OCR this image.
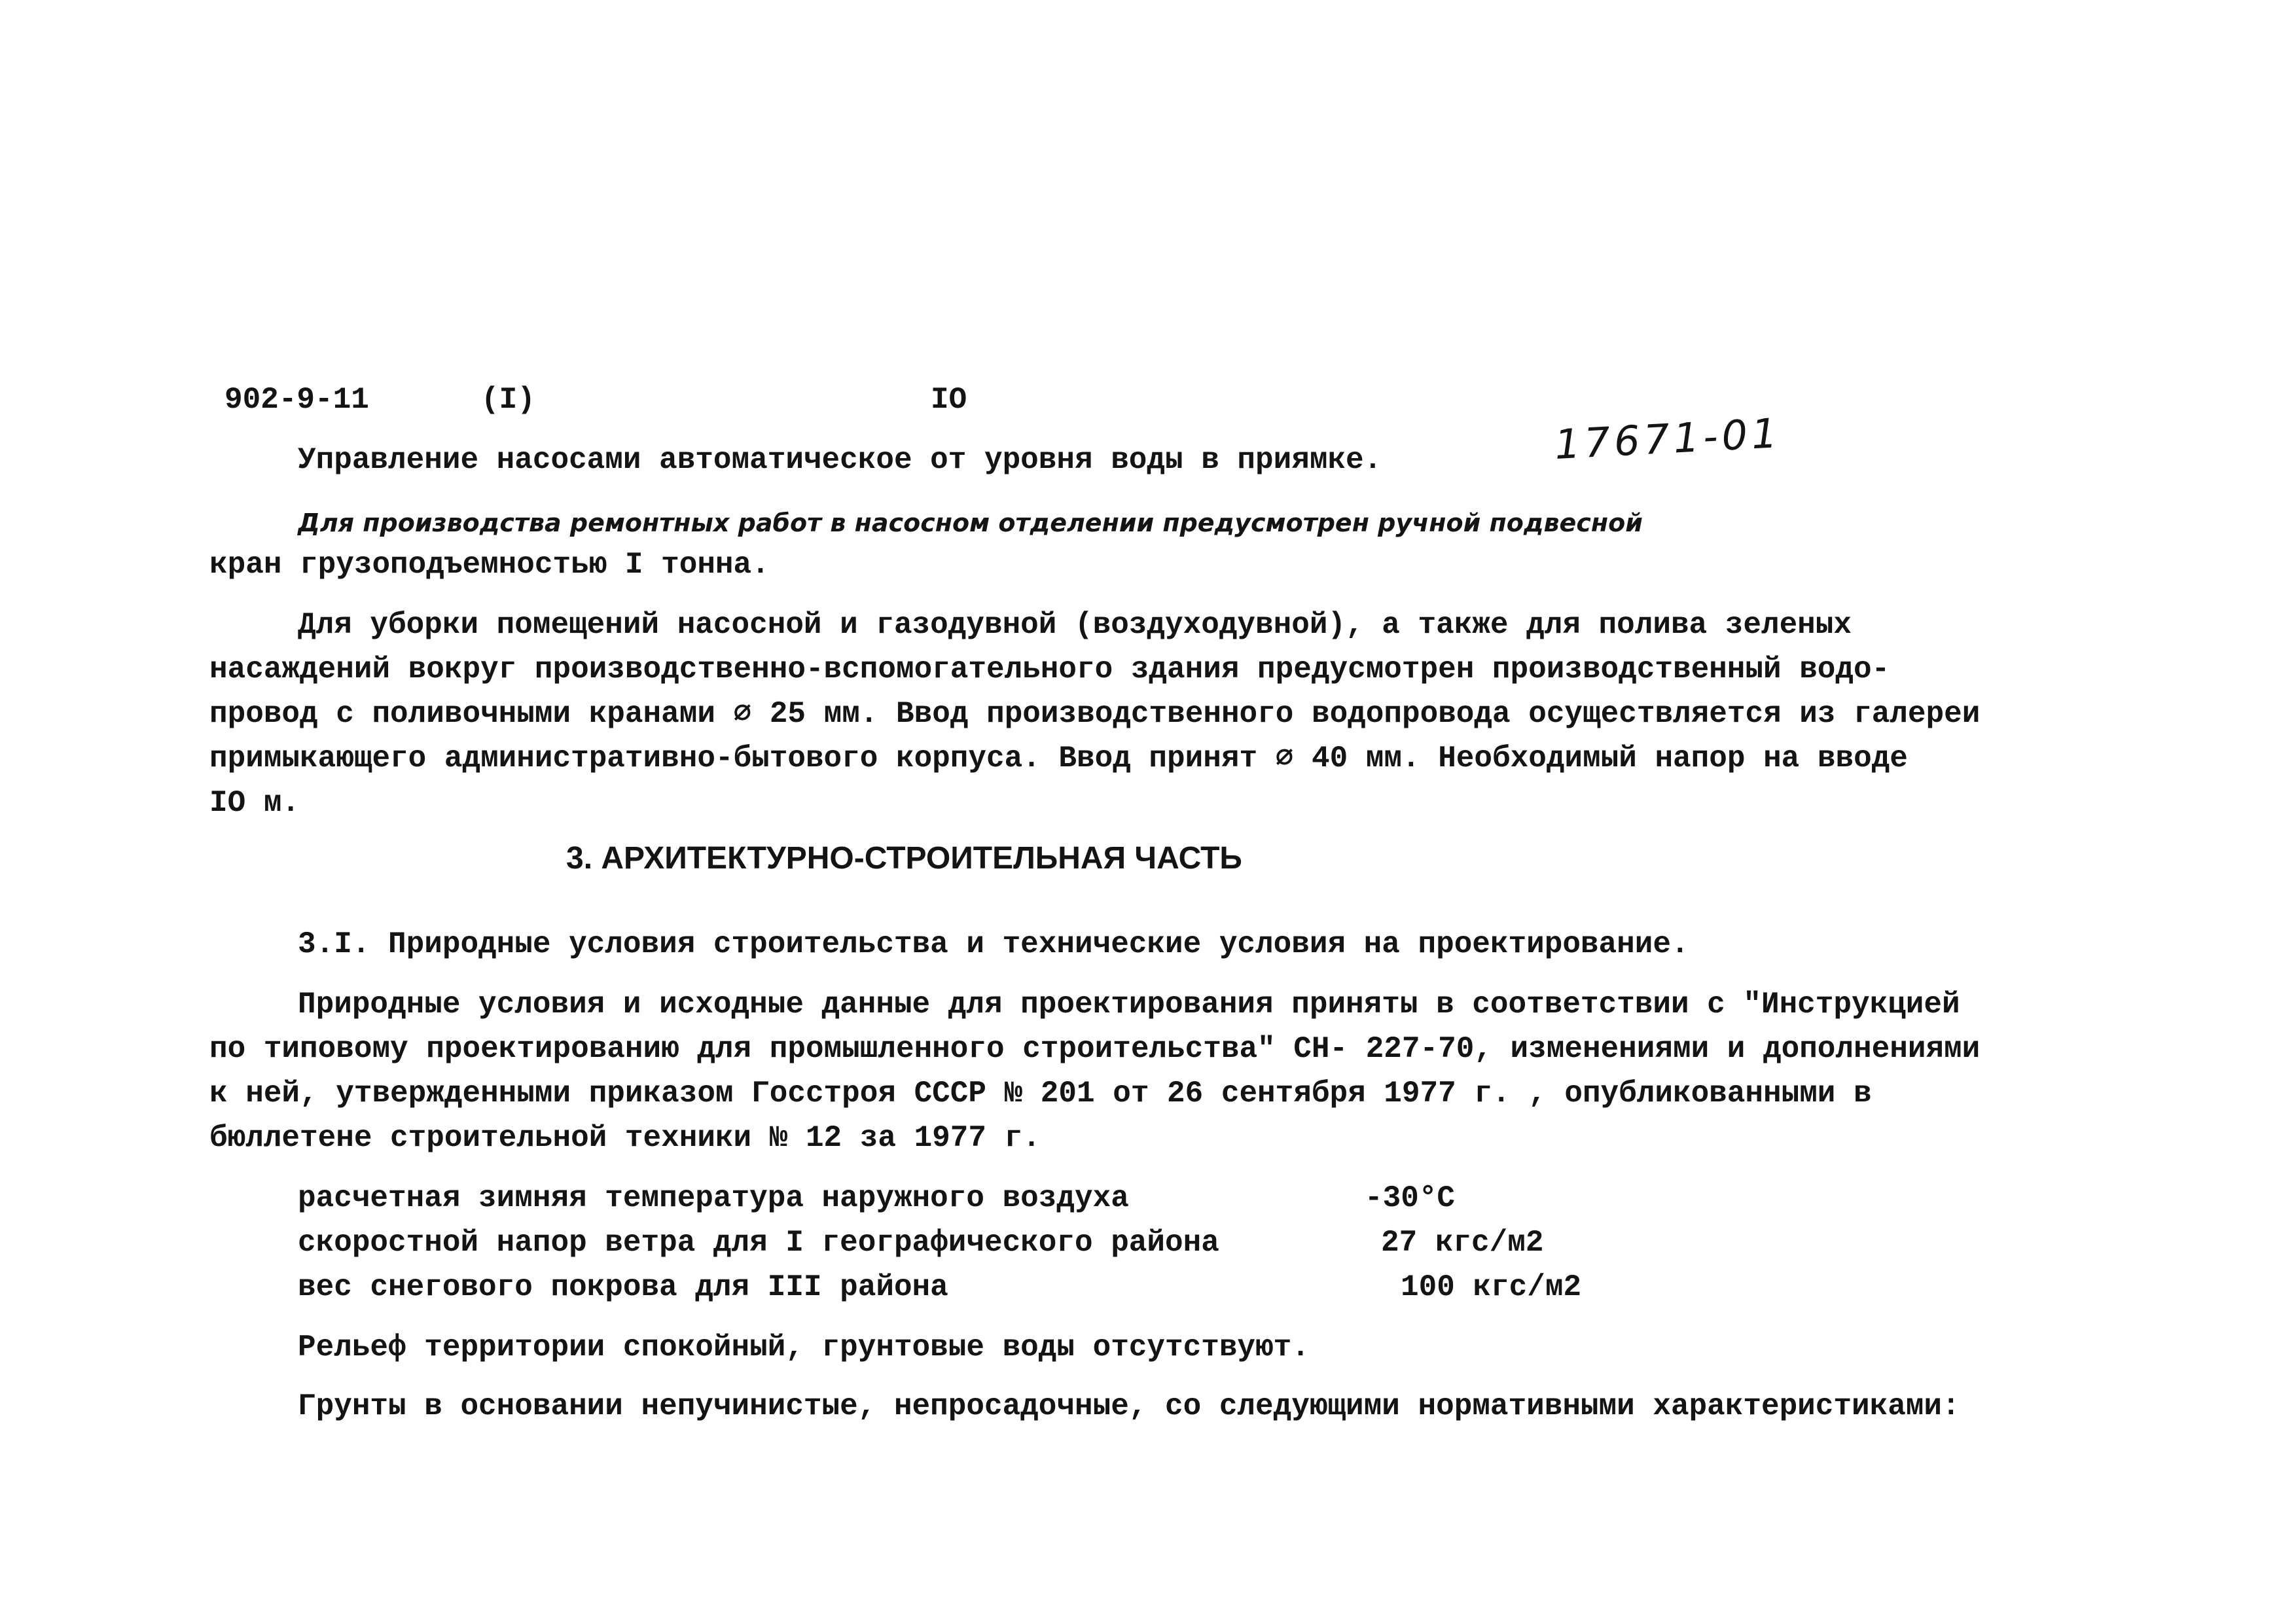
902-9-11	(I)	IO
17671-01
Управление насосами автоматическое от уровня воды в приямке.
Для производства ремонтных работ в насосном отделении предусмотрен ручной подвесной
кран грузоподъемностью I тонна.
Для уборки помещений насосной и газодувной (воздуходувной), а также для полива зеленых
насаждений вокруг производственно-вспомогательного здания предусмотрен производственный водо-
провод с поливочными кранами ∅ 25 мм. Ввод производственного водопровода осуществляется из галереи
примыкающего административно-бытового корпуса. Ввод принят ∅ 40 мм. Необходимый напор на вводе
IO м.
3. АРХИТЕКТУРНО-СТРОИТЕЛЬНАЯ ЧАСТЬ
3.I. Природные условия строительства и технические условия на проектирование.
Природные условия и исходные данные для проектирования приняты в соответствии с "Инструкцией
по типовому проектированию для промышленного строительства" СН- 227-70, изменениями и дополнениями
к ней, утвержденными приказом Госстроя СССР № 201 от 26 сентября 1977 г. , опубликованными в
бюллетене строительной техники № 12 за 1977 г.
расчетная зимняя температура наружного воздуха	-30°C
скоростной напор ветра для I географического района	27 кгс/м2
вес снегового покрова для III района	100 кгс/м2
Рельеф территории спокойный, грунтовые воды отсутствуют.
Грунты в основании непучинистые, непросадочные, со следующими нормативными характеристиками:
